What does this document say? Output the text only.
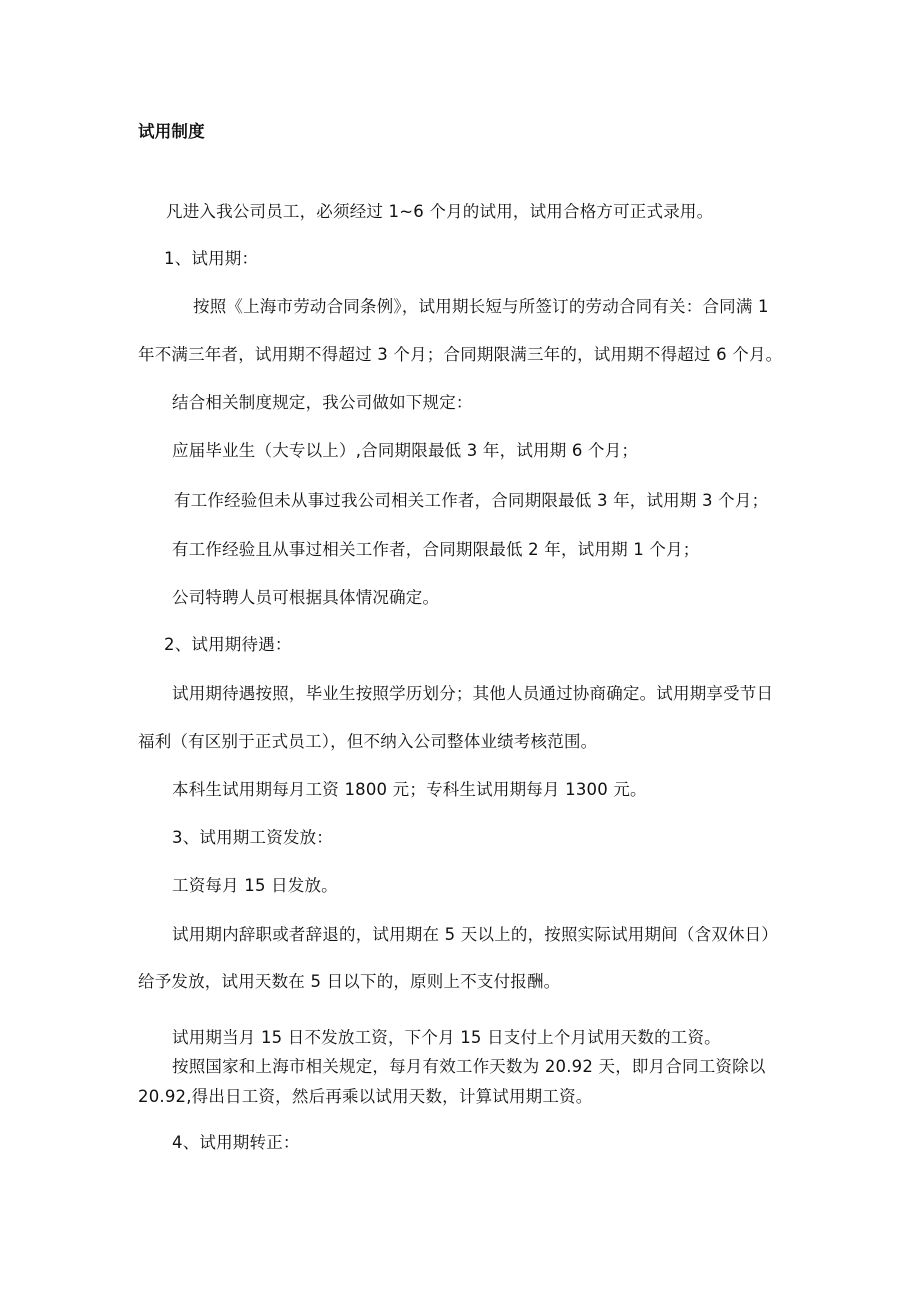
试用制度
凡进入我公司员工，必须经过 1~6 个月的试用，试用合格方可正式录用。
1、试用期：
按照《上海市劳动合同条例》，试用期长短与所签订的劳动合同有关：合同满 1
年不满三年者，试用期不得超过 3 个月；合同期限满三年的，试用期不得超过 6 个月。
结合相关制度规定，我公司做如下规定：
应届毕业生（大专以上）,合同期限最低 3 年，试用期 6 个月；
有工作经验但未从事过我公司相关工作者，合同期限最低 3 年，试用期 3 个月；
有工作经验且从事过相关工作者，合同期限最低 2 年，试用期 1 个月；
公司特聘人员可根据具体情况确定。
2、试用期待遇：
试用期待遇按照，毕业生按照学历划分；其他人员通过协商确定。试用期享受节日
福利（有区别于正式员工），但不纳入公司整体业绩考核范围。
本科生试用期每月工资 1800 元；专科生试用期每月 1300 元。
3、试用期工资发放：
工资每月 15 日发放。
试用期内辞职或者辞退的，试用期在 5 天以上的，按照实际试用期间（含双休日）
给予发放，试用天数在 5 日以下的，原则上不支付报酬。
试用期当月 15 日不发放工资，下个月 15 日支付上个月试用天数的工资。
按照国家和上海市相关规定，每月有效工作天数为 20.92 天，即月合同工资除以
20.92,得出日工资，然后再乘以试用天数，计算试用期工资。
4、试用期转正：
